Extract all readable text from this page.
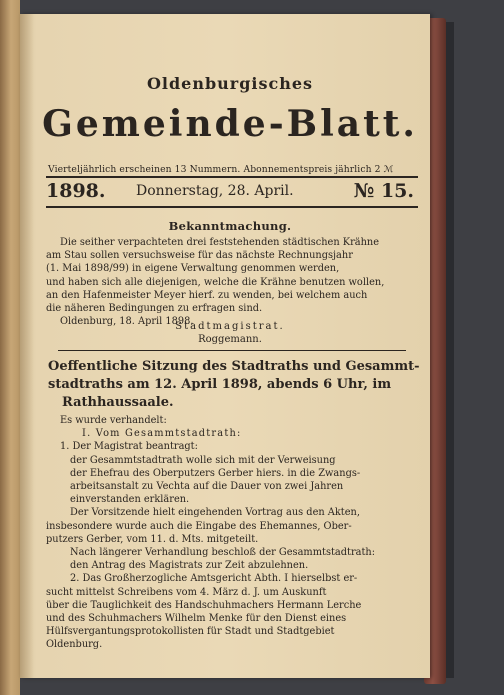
Oldenburgisches
Gemeinde-Blatt.
Vierteljährlich erscheinen 13 Nummern. Abonnementspreis jährlich 2 ℳ
1898. Donnerstag, 28. April.	№ 15.
Bekanntmachung.
Die seither verpachteten drei feststehenden städtischen Krähne
am Stau sollen versuchsweise für das nächste Rechnungsjahr
(1. Mai 1898/99) in eigene Verwaltung genommen werden,
und haben sich alle diejenigen, welche die Krähne benutzen wollen,
an den Hafenmeister Meyer hierf. zu wenden, bei welchem auch
die näheren Bedingungen zu erfragen sind.
Oldenburg, 18. April 1898.
Stadtmagistrat.
Roggemann.
Oeffentliche Sitzung des Stadtraths und Gesammt-
stadtraths am 12. April 1898, abends 6 Uhr, im
Rathhaussaale.
Es wurde verhandelt:
I. Vom Gesammtstadtrath:
1. Der Magistrat beantragt:
der Gesammtstadtrath wolle sich mit der Verweisung
der Ehefrau des Oberputzers Gerber hiers. in die Zwangs-
arbeitsanstalt zu Vechta auf die Dauer von zwei Jahren
einverstanden erklären.
Der Vorsitzende hielt eingehenden Vortrag aus den Akten,
insbesondere wurde auch die Eingabe des Ehemannes, Ober-
putzers Gerber, vom 11. d. Mts. mitgeteilt.
Nach längerer Verhandlung beschloß der Gesammtstadtrath:
den Antrag des Magistrats zur Zeit abzulehnen.
2. Das Großherzogliche Amtsgericht Abth. I hierselbst er-
sucht mittelst Schreibens vom 4. März d. J. um Auskunft
über die Tauglichkeit des Handschuhmachers Hermann Lerche
und des Schuhmachers Wilhelm Menke für den Dienst eines
Hülfsvergantungsprotokollisten für Stadt und Stadtgebiet
Oldenburg.
